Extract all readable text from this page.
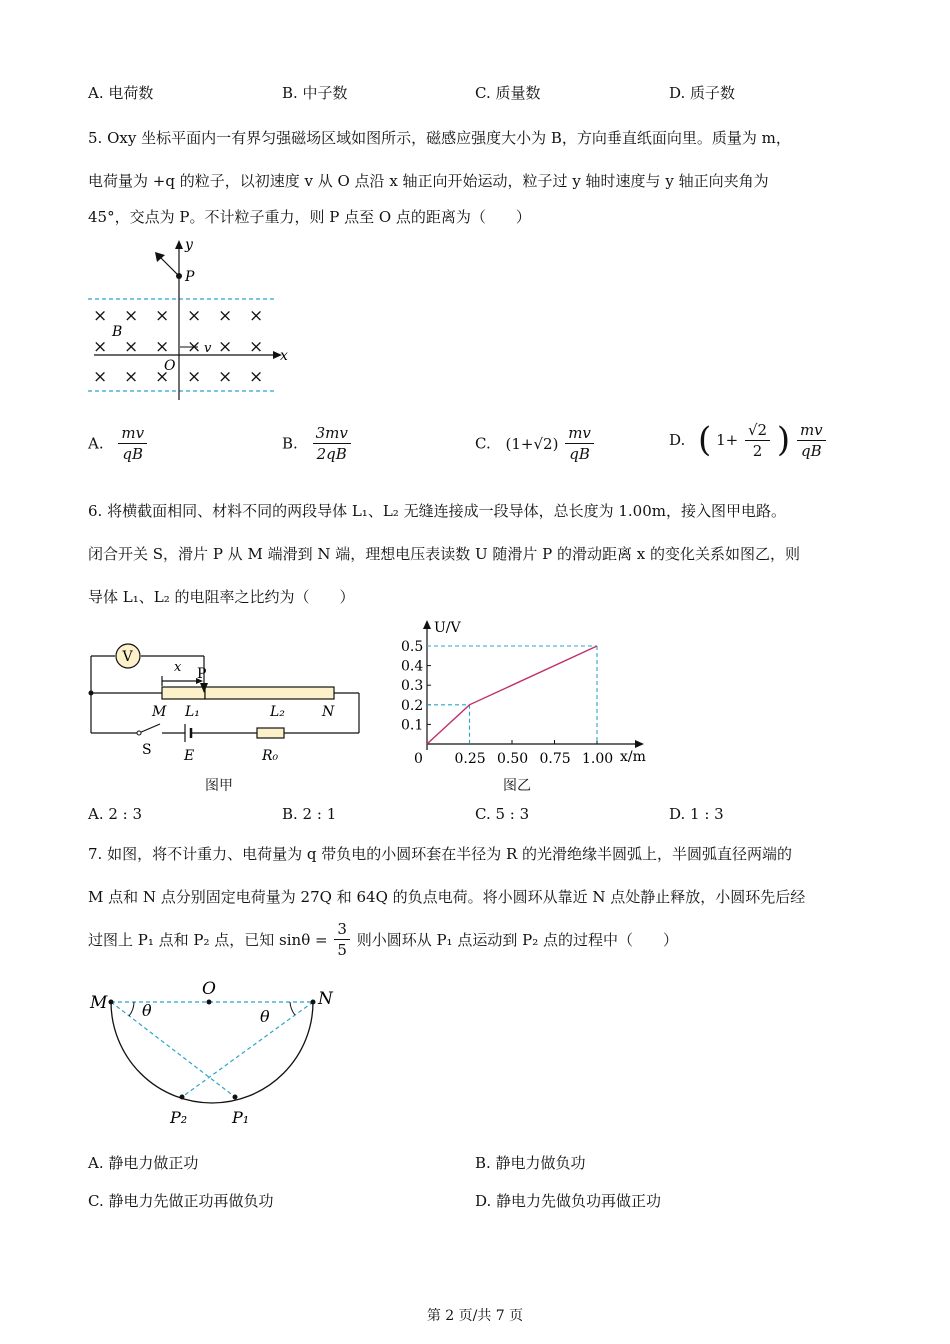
A. 电荷数	B. 中子数	C. 质量数	D. 质子数
5. Oxy 坐标平面内一有界匀强磁场区域如图所示，磁感应强度大小为 B，方向垂直纸面向里。质量为 m，
电荷量为 +q 的粒子，以初速度 v 从 O 点沿 x 轴正向开始运动，粒子过 y 轴时速度与 y 轴正向夹角为
45°，交点为 P。不计粒子重力，则 P 点至 O 点的距离为（　　）
y
x
P
× × × × × ×
× × × × × ×
× × × × × ×
B
O
v
A. $\frac{mv}{qB}$	B. $\frac{3mv}{2qB}$	C. $(1+√2) \frac{mv}{qB}$	D. ( $1+ \frac{√2}{2}$ ) $\frac{mv}{qB}$
6. 将横截面相同、材料不同的两段导体 L₁、L₂ 无缝连接成一段导体，总长度为 1.00m，接入图甲电路。
闭合开关 S，滑片 P 从 M 端滑到 N 端，理想电压表读数 U 随滑片 P 的滑动距离 x 的变化关系如图乙，则
导体 L₁、L₂ 的电阻率之比约为（　　）
V
x P
M L₁	L₂	N
S E	R₀
图甲
U/V
x/m
0
0.1
0.2
0.3
0.4
0.5
0.25 0.50 0.75 1.00
图乙
A. 2 : 3	B. 2 : 1	C. 5 : 3	D. 1 : 3
7. 如图，将不计重力、电荷量为 q 带负电的小圆环套在半径为 R 的光滑绝缘半圆弧上，半圆弧直径两端的
M 点和 N 点分别固定电荷量为 27Q 和 64Q 的负点电荷。将小圆环从靠近 N 点处静止释放，小圆环先后经
过图上 P₁ 点和 P₂ 点，已知 $\sin\theta = \frac{3}{5}$ 则小圆环从 P₁ 点运动到 P₂ 点的过程中（　　）
M
O	N
θ	θ
P₂	P₁
A. 静电力做正功	B. 静电力做负功
C. 静电力先做正功再做负功	D. 静电力先做负功再做正功
第 2 页/共 7 页
